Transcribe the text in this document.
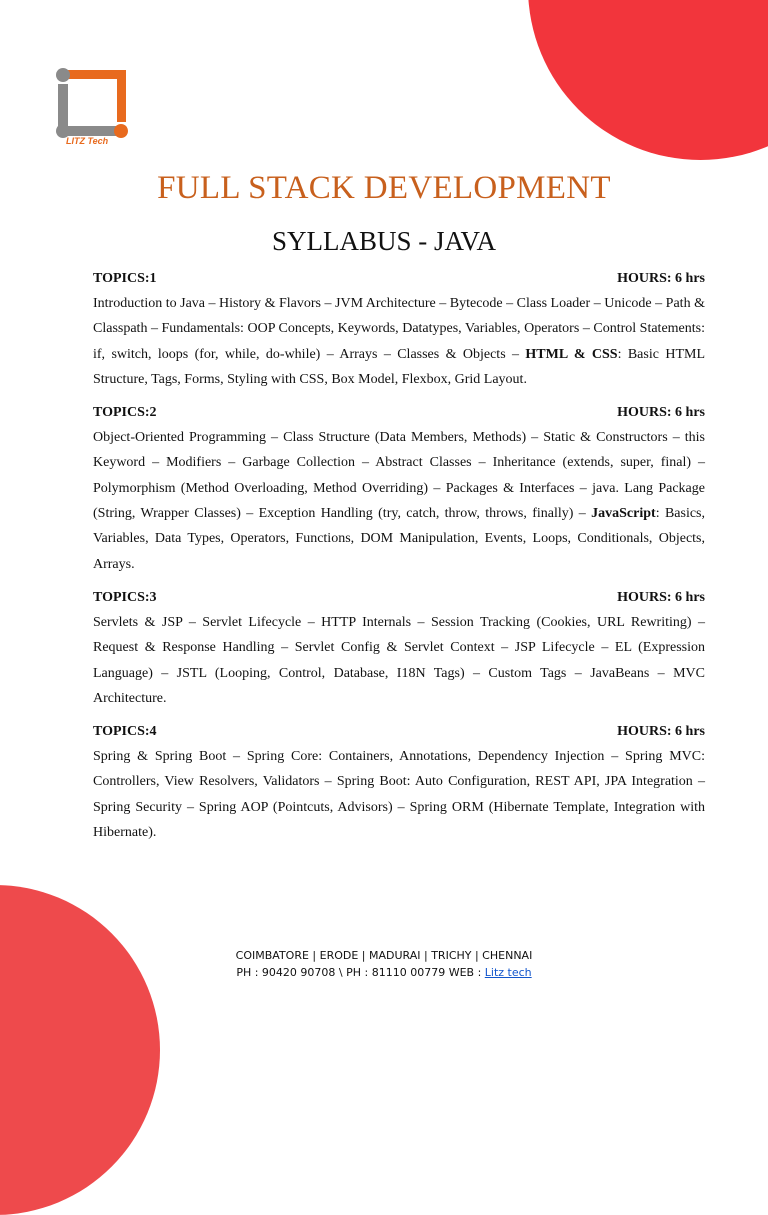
LITZ Tech
FULL STACK DEVELOPMENT
SYLLABUS - JAVA
TOPICS:1	HOURS: 6 hrs
Introduction to Java – History & Flavors – JVM Architecture – Bytecode – Class Loader – Unicode – Path & Classpath – Fundamentals: OOP Concepts, Keywords, Datatypes, Variables, Operators – Control Statements: if, switch, loops (for, while, do-while) – Arrays – Classes & Objects – HTML & CSS: Basic HTML Structure, Tags, Forms, Styling with CSS, Box Model, Flexbox, Grid Layout.
TOPICS:2	HOURS: 6 hrs
Object-Oriented Programming – Class Structure (Data Members, Methods) – Static & Constructors – this Keyword – Modifiers – Garbage Collection – Abstract Classes – Inheritance (extends, super, final) – Polymorphism (Method Overloading, Method Overriding) – Packages & Interfaces – java. Lang Package (String, Wrapper Classes) – Exception Handling (try, catch, throw, throws, finally) – JavaScript: Basics, Variables, Data Types, Operators, Functions, DOM Manipulation, Events, Loops, Conditionals, Objects, Arrays.
TOPICS:3	HOURS: 6 hrs
Servlets & JSP – Servlet Lifecycle – HTTP Internals – Session Tracking (Cookies, URL Rewriting) – Request & Response Handling – Servlet Config & Servlet Context – JSP Lifecycle – EL (Expression Language) – JSTL (Looping, Control, Database, I18N Tags) – Custom Tags – JavaBeans – MVC Architecture.
TOPICS:4	HOURS: 6 hrs
Spring & Spring Boot – Spring Core: Containers, Annotations, Dependency Injection – Spring MVC: Controllers, View Resolvers, Validators – Spring Boot: Auto Configuration, REST API, JPA Integration – Spring Security – Spring AOP (Pointcuts, Advisors) – Spring ORM (Hibernate Template, Integration with Hibernate).
COIMBATORE | ERODE | MADURAI | TRICHY | CHENNAI
PH : 90420 90708 \ PH : 81110 00779 WEB : Litz tech
